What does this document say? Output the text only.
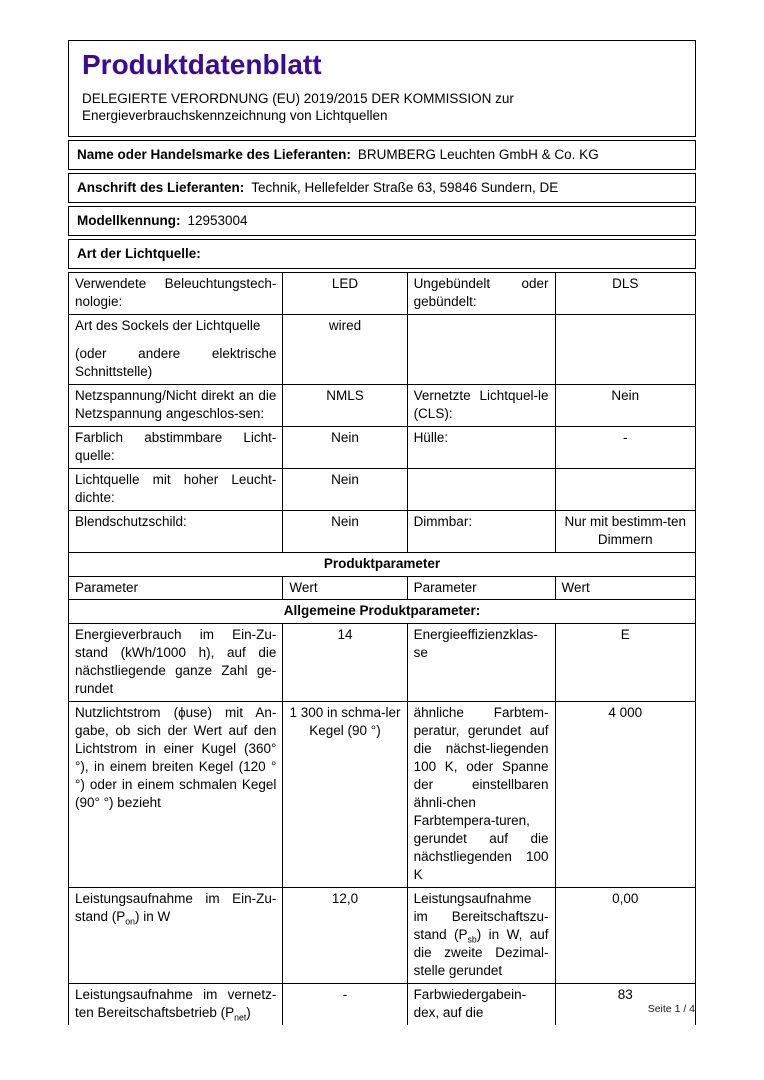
Produktdatenblatt
DELEGIERTE VERORDNUNG (EU) 2019/2015 DER KOMMISSION zur
Energieverbrauchskennzeichnung von Lichtquellen
Name oder Handelsmarke des Lieferanten: BRUMBERG Leuchten GmbH & Co. KG
Anschrift des Lieferanten: Technik, Hellefelder Straße 63, 59846 Sundern, DE
Modellkennung: 12953004
Art der Lichtquelle:
Verwendete Beleuchtungstech-nologie:	LED	Ungebündelt oder gebündelt:	DLS

Art des Sockels der Lichtquelle
(oder andere elektrische Schnittstelle)	wired		
Netzspannung/Nicht direkt an die Netzspannung angeschlos-sen:	NMLS	Vernetzte Lichtquel-le (CLS):	Nein
Farblich abstimmbare Licht-quelle:	Nein	Hülle:	-
Lichtquelle mit hoher Leucht-dichte:	Nein		
Blendschutzschild:	Nein	Dimmbar:	Nur mit bestimm-ten Dimmern
Produktparameter			
Parameter	Wert	Parameter	Wert
Allgemeine Produktparameter:			
Energieverbrauch im Ein-Zu-stand (kWh/1000 h), auf die nächstliegende ganze Zahl ge-rundet	14	Energieeffizienzklas-se	E
Nutzlichtstrom (ϕuse) mit An-gabe, ob sich der Wert auf den Lichtstrom in einer Kugel (360° °), in einem breiten Kegel (120 °°) oder in einem schmalen Kegel (90° °) bezieht	1 300 in schma-ler Kegel (90 °)	ähnliche Farbtem-peratur, gerundet auf die nächst-liegenden 100 K, oder Spanne der einstellbaren ähnli-chen Farbtempera-turen, gerundet auf die nächstliegenden 100 K	4 000
Leistungsaufnahme im Ein-Zu-stand $(P_{on})$ in W	12,0	Leistungsaufnahme im Bereitschaftszu-stand $(P_{sb})$ in W, auf die zweite Dezimal-stelle gerundet	0,00
Leistungsaufnahme im vernetz-ten Bereitschaftsbetrieb $(P_{net})$	-	Farbwiedergabein-dex, auf die	83
Seite 1 / 4
